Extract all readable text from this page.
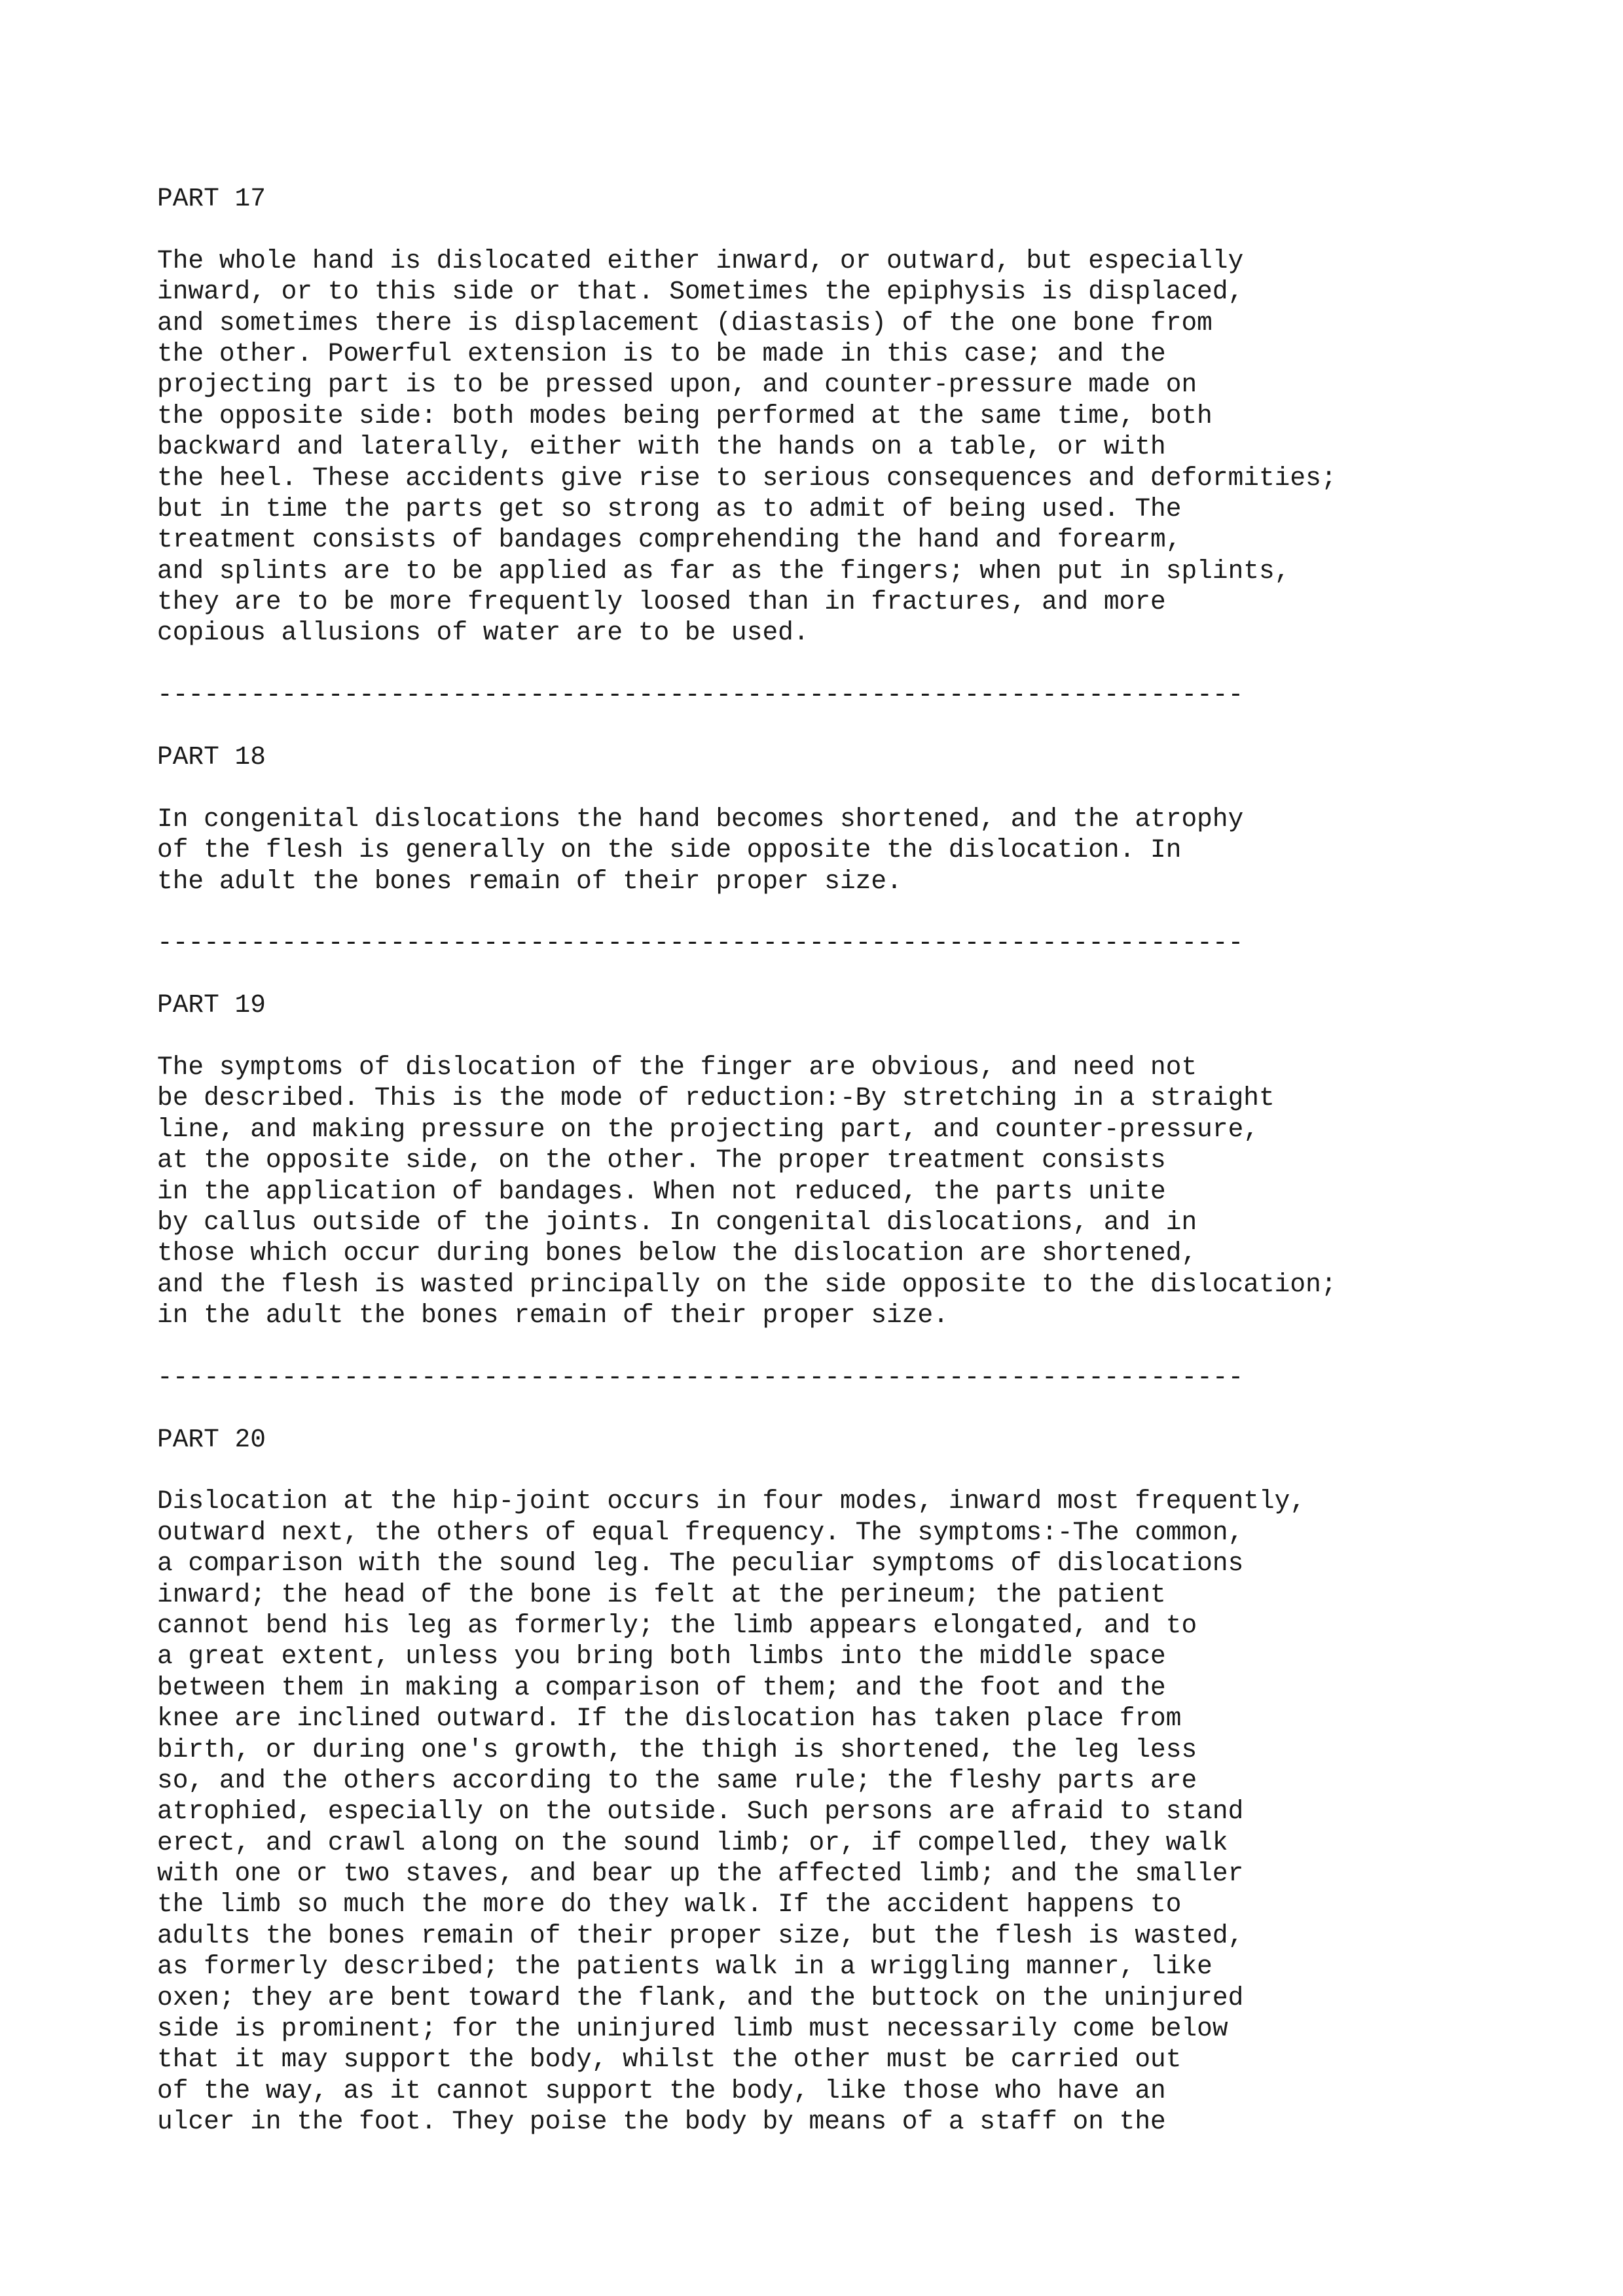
PART 17
The whole hand is dislocated either inward, or outward, but especially
inward, or to this side or that. Sometimes the epiphysis is displaced,
and sometimes there is displacement (diastasis) of the one bone from
the other. Powerful extension is to be made in this case; and the
projecting part is to be pressed upon, and counter-pressure made on
the opposite side: both modes being performed at the same time, both
backward and laterally, either with the hands on a table, or with
the heel. These accidents give rise to serious consequences and deformities;
but in time the parts get so strong as to admit of being used. The
treatment consists of bandages comprehending the hand and forearm,
and splints are to be applied as far as the fingers; when put in splints,
they are to be more frequently loosed than in fractures, and more
copious allusions of water are to be used.
----------------------------------------------------------------------
PART 18
In congenital dislocations the hand becomes shortened, and the atrophy
of the flesh is generally on the side opposite the dislocation. In
the adult the bones remain of their proper size.
----------------------------------------------------------------------
PART 19
The symptoms of dislocation of the finger are obvious, and need not
be described. This is the mode of reduction:-By stretching in a straight
line, and making pressure on the projecting part, and counter-pressure,
at the opposite side, on the other. The proper treatment consists
in the application of bandages. When not reduced, the parts unite
by callus outside of the joints. In congenital dislocations, and in
those which occur during bones below the dislocation are shortened,
and the flesh is wasted principally on the side opposite to the dislocation;
in the adult the bones remain of their proper size.
----------------------------------------------------------------------
PART 20
Dislocation at the hip-joint occurs in four modes, inward most frequently,
outward next, the others of equal frequency. The symptoms:-The common,
a comparison with the sound leg. The peculiar symptoms of dislocations
inward; the head of the bone is felt at the perineum; the patient
cannot bend his leg as formerly; the limb appears elongated, and to
a great extent, unless you bring both limbs into the middle space
between them in making a comparison of them; and the foot and the
knee are inclined outward. If the dislocation has taken place from
birth, or during one's growth, the thigh is shortened, the leg less
so, and the others according to the same rule; the fleshy parts are
atrophied, especially on the outside. Such persons are afraid to stand
erect, and crawl along on the sound limb; or, if compelled, they walk
with one or two staves, and bear up the affected limb; and the smaller
the limb so much the more do they walk. If the accident happens to
adults the bones remain of their proper size, but the flesh is wasted,
as formerly described; the patients walk in a wriggling manner, like
oxen; they are bent toward the flank, and the buttock on the uninjured
side is prominent; for the uninjured limb must necessarily come below
that it may support the body, whilst the other must be carried out
of the way, as it cannot support the body, like those who have an
ulcer in the foot. They poise the body by means of a staff on the
